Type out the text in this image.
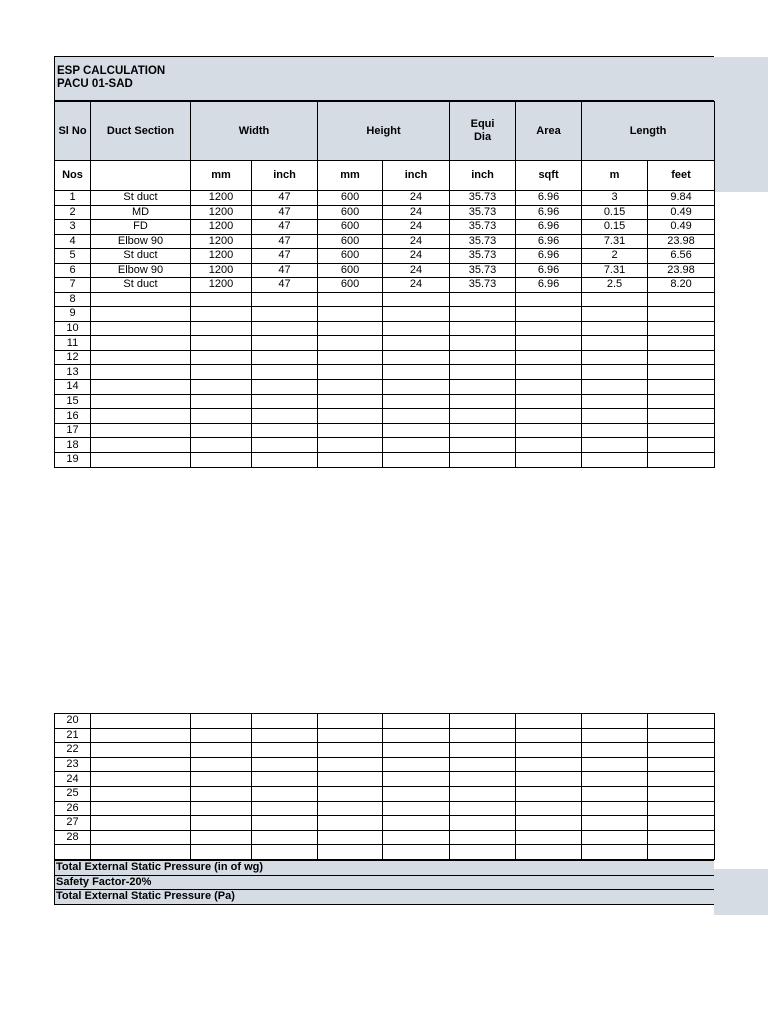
ESP CALCULATION
PACU 01-SAD
Sl No	Duct Section	Width		Height		Equi Dia	Area	Length	
Nos		mm	inch	mm	inch	inch	sqft	m	feet
1	St duct	1200	47	600	24	35.73	6.96	3	9.84
2	MD	1200	47	600	24	35.73	6.96	0.15	0.49
3	FD	1200	47	600	24	35.73	6.96	0.15	0.49
4	Elbow 90	1200	47	600	24	35.73	6.96	7.31	23.98
5	St duct	1200	47	600	24	35.73	6.96	2	6.56
6	Elbow 90	1200	47	600	24	35.73	6.96	7.31	23.98
7	St duct	1200	47	600	24	35.73	6.96	2.5	8.20
8									
9									
10									
11									
12									
13									
14									
15									
16									
17									
18									
19									
20									
21									
22									
23									
24									
25									
26									
27									
28									

Total External Static Pressure (in of wg)
Safety Factor-20%
Total External Static Pressure (Pa)
